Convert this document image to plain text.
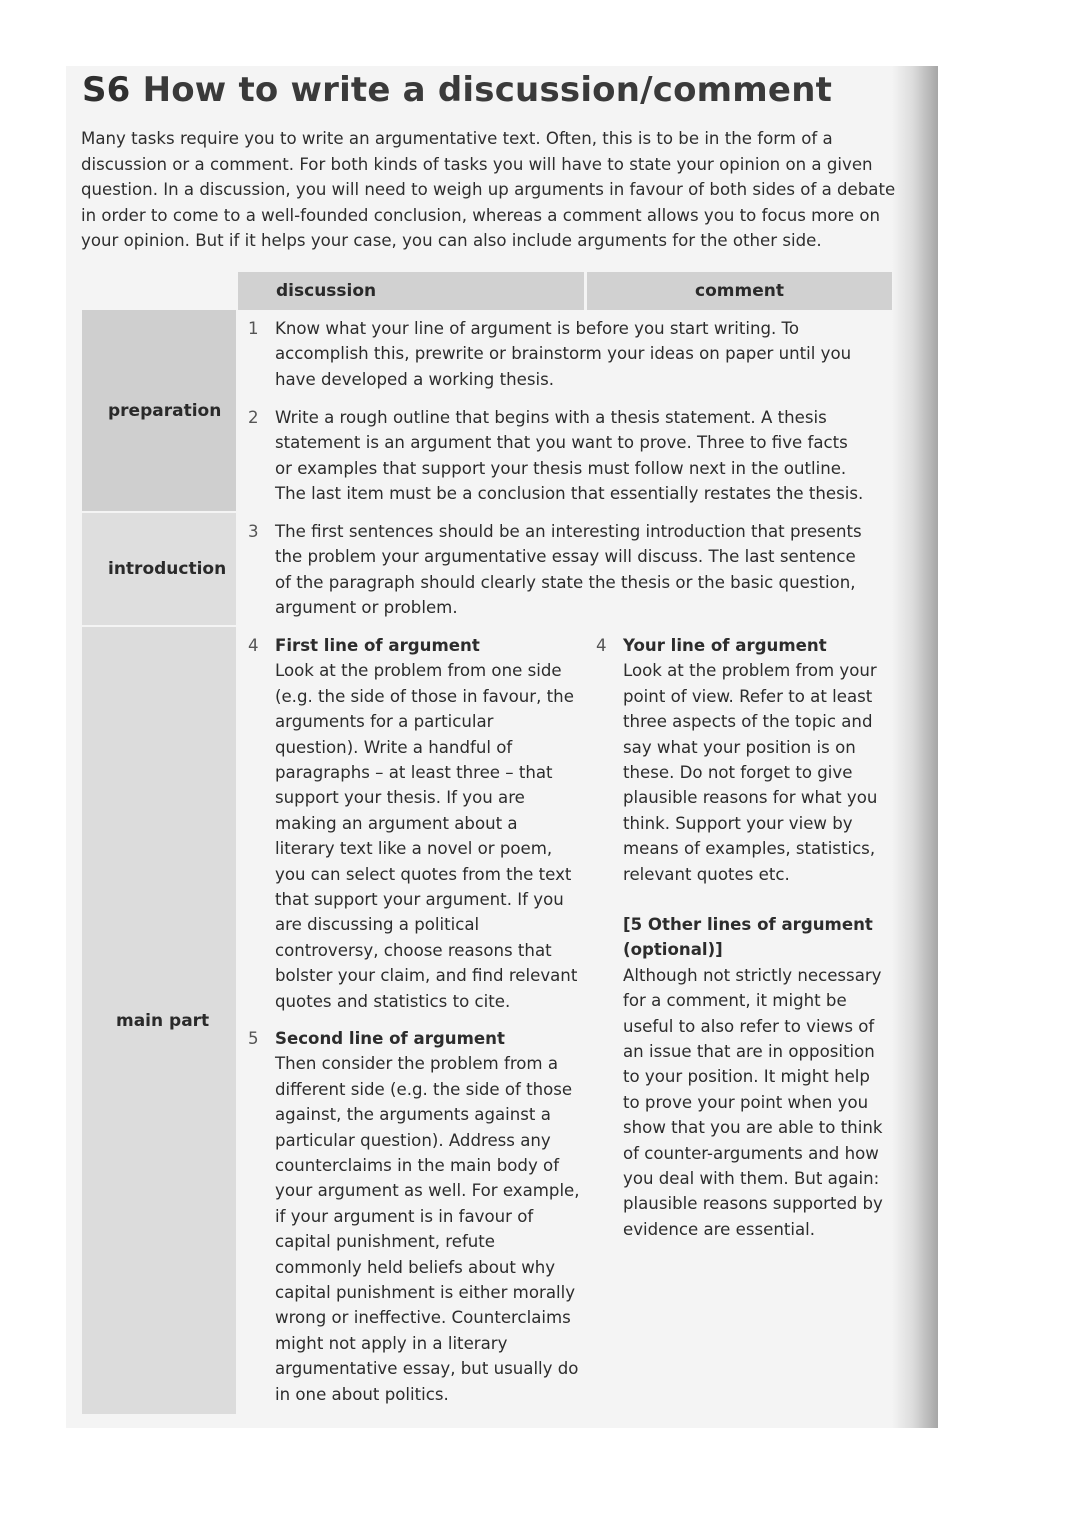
S6 How to write a discussion/comment

Many tasks require you to write an argumentative text. Often, this is to be in the form of a discussion or a comment. For both kinds of tasks you will have to state your opinion on a given question. In a discussion, you will need to weigh up arguments in favour of both sides of a debate in order to come to a well-founded conclusion, whereas a comment allows you to focus more on your opinion. But if it helps your case, you can also include arguments for the other side.

discussion	comment
preparation
introduction
main part
1 Know what your line of argument is before you start writing. To accomplish this, prewrite or brainstorm your ideas on paper until you have developed a working thesis.
2 Write a rough outline that begins with a thesis statement. A thesis statement is an argument that you want to prove. Three to five facts or examples that support your thesis must follow next in the outline. The last item must be a conclusion that essentially restates the thesis.
3 The first sentences should be an interesting introduction that presents the problem your argumentative essay will discuss. The last sentence of the paragraph should clearly state the thesis or the basic question, argument or problem.
4 First line of argument
Look at the problem from one side (e.g. the side of those in favour, the arguments for a particular question). Write a handful of paragraphs – at least three – that support your thesis. If you are making an argument about a literary text like a novel or poem, you can select quotes from the text that support your argument. If you are discussing a political controversy, choose reasons that bolster your claim, and find relevant quotes and statistics to cite.
5 Second line of argument
Then consider the problem from a different side (e.g. the side of those against, the arguments against a particular question). Address any counterclaims in the main body of your argument as well. For example, if your argument is in favour of capital punishment, refute commonly held beliefs about why capital punishment is either morally wrong or ineffective. Counterclaims might not apply in a literary argumentative essay, but usually do in one about politics.
4 Your line of argument
Look at the problem from your point of view. Refer to at least three aspects of the topic and say what your position is on these. Do not forget to give plausible reasons for what you think. Support your view by means of examples, statistics, relevant quotes etc.
[5 Other lines of argument (optional)]
Although not strictly necessary for a comment, it might be useful to also refer to views of an issue that are in opposition to your position. It might help to prove your point when you show that you are able to think of counter-arguments and how you deal with them. But again: plausible reasons supported by evidence are essential.
